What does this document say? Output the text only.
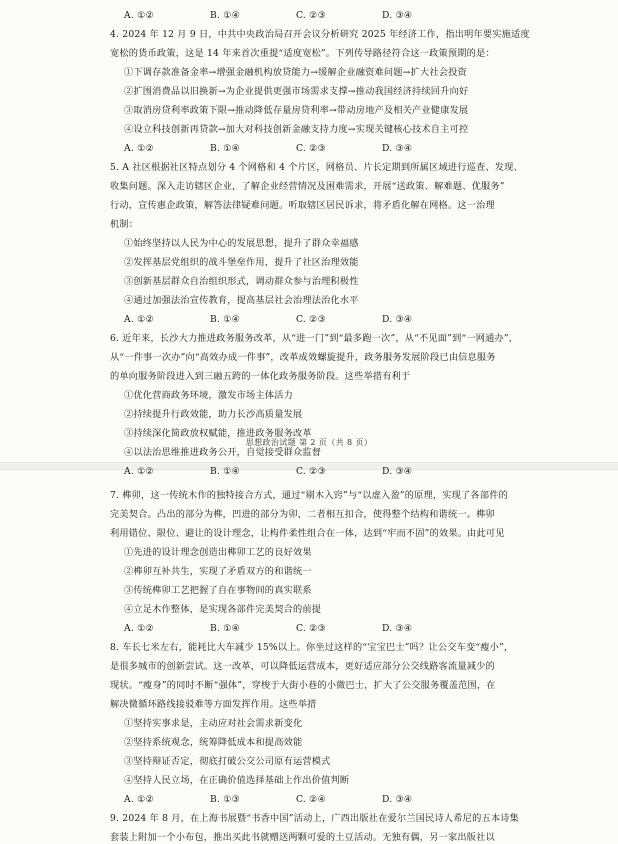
A. ①②	B. ①④	C. ②③	D. ③④
4. 2024 年 12 月 9 日，中共中央政治局召开会议分析研究 2025 年经济工作，指出明年要实施适度
宽松的货币政策，这是 14 年来首次重提“适度宽松”。下列传导路径符合这一政策预期的是：
①下调存款准备金率→增强金融机构放贷能力→缓解企业融资难问题→扩大社会投资
②扩围消费品以旧换新→为企业提供更强市场需求支撑→推动我国经济持续回升向好
③取消房贷利率政策下限→推动降低存量房贷利率→带动房地产及相关产业健康发展
④设立科技创新再贷款→加大对科技创新金融支持力度→实现关键核心技术自主可控
A. ①②	B. ①④	C. ②③	D. ③④
5. A 社区根据社区特点划分 4 个网格和 4 个片区，网格员、片长定期到所属区域进行巡查、发现、
收集问题。深入走访辖区企业，了解企业经营情况及困难需求，开展“送政策、解难题、优服务”
行动，宣传惠企政策，解答法律疑难问题。听取辖区居民诉求，将矛盾化解在网格。这一治理
机制：
①始终坚持以人民为中心的发展思想，提升了群众幸福感
②发挥基层党组织的战斗堡垒作用，提升了社区治理效能
③创新基层群众自治组织形式，调动群众参与治理积极性
④通过加强法治宣传教育，提高基层社会治理法治化水平
A. ①②	B. ①④	C. ②③	D. ③④
6. 近年来，长沙大力推进政务服务改革，从“进一门”到“最多跑一次”，从“不见面”到“一网通办”，
从“一件事一次办”向“高效办成一件事”，改革成效螺旋提升，政务服务发展阶段已由信息服务
的单向服务阶段进入到三融五跨的一体化政务服务阶段。这些举措有利于
①优化营商政务环境，激发市场主体活力
②持续提升行政效能，助力长沙高质量发展
③持续深化简政放权赋能，推进政务服务改革
④以法治思维推进政务公开，自觉接受群众监督
A. ①②	B. ①④	C. ②③	D. ③④
思想政治试题 第 2 页（共 8 页）
7. 榫卯，这一传统木作的独特接合方式，通过“剔木入窍”与“以虚入盈”的原理，实现了各部件的
完美契合。凸出的部分为榫，凹进的部分为卯，二者相互扣合，使得整个结构和谐统一。榫卯
利用错位、限位、避让的设计理念，让构件柔性组合在一体，达到“牢而不固”的效果。由此可见
①先进的设计理念创造出榫卯工艺的良好效果
②榫卯互补共生，实现了矛盾双方的和谐统一
③传统榫卯工艺把握了自在事物间的真实联系
④立足木作整体，是实现各部件完美契合的前提
A. ①②	B. ①④	C. ②③	D. ③④
8. 车长七米左右，能耗比大车减少 15%以上。你坐过这样的“宝宝巴士”吗？让公交车变“瘦小”，
是很多城市的创新尝试。这一改革，可以降低运营成本，更好适应部分公交线路客流量减少的
现状。“瘦身”的同时不断“强体”，穿梭于大街小巷的小微巴士，扩大了公交服务覆盖范围，在
解决微循环路线接驳难等方面发挥作用。这些举措
①坚持实事求是，主动应对社会需求新变化
②坚持系统观念，统筹降低成本和提高效能
③坚持辩证否定，彻底打破公交公司原有运营模式
④坚持人民立场，在正确价值选择基础上作出价值判断
A. ①②	B. ①③	C. ②④	D. ③④
9. 2024 年 8 月，在上海书展暨“书香中国”活动上，广西出版社在爱尔兰国民诗人希尼的五本诗集
套装上附加一个小布包，推出买此书就赠送两颗可爱的土豆活动。无独有偶，另一家出版社以
